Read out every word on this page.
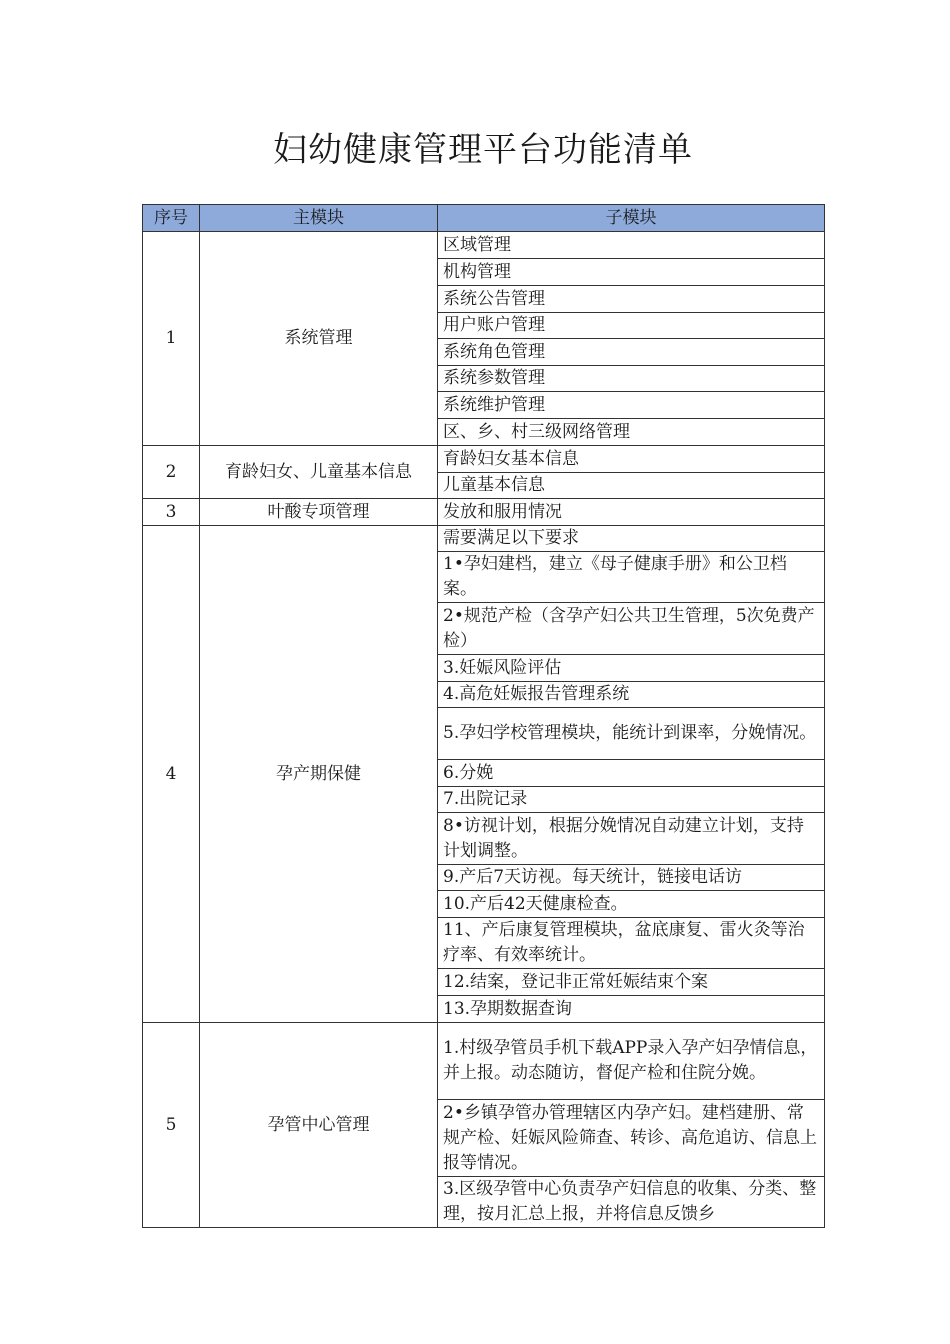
妇幼健康管理平台功能清单
序号	主模块	子模块
1	系统管理	区域管理
		机构管理
		系统公告管理
		用户账户管理
		系统角色管理
		系统参数管理
		系统维护管理
		区、乡、村三级网络管理
2	育龄妇女、儿童基本信息	育龄妇女基本信息
		儿童基本信息
3	叶酸专项管理	发放和服用情况
4	孕产期保健	需要满足以下要求
		1•孕妇建档，建立《母子健康手册》和公卫档案。
		2•规范产检（含孕产妇公共卫生管理，5次免费产检）
		3.妊娠风险评估
		4.高危妊娠报告管理系统
		5.孕妇学校管理模块，能统计到课率，分娩情况。
		6.分娩
		7.出院记录
		8•访视计划，根据分娩情况自动建立计划，支持计划调整。
		9.产后7天访视。每天统计，链接电话访
		10.产后42天健康检查。
		11、产后康复管理模块，盆底康复、雷火灸等治疗率、有效率统计。
		12.结案，登记非正常妊娠结束个案
		13.孕期数据查询
5	孕管中心管理	1.村级孕管员手机下载APP录入孕产妇孕情信息，并上报。动态随访，督促产检和住院分娩。
		2•乡镇孕管办管理辖区内孕产妇。建档建册、常规产检、妊娠风险筛查、转诊、高危追访、信息上报等情况。
		3.区级孕管中心负责孕产妇信息的收集、分类、整理，按月汇总上报，并将信息反馈乡
